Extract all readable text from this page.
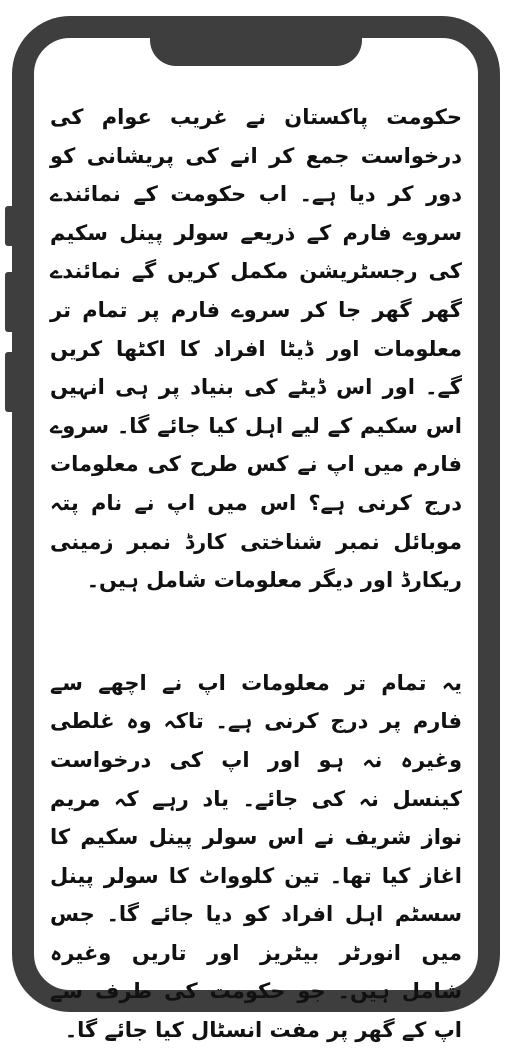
حکومت پاکستان نے غریب عوام کی درخواست جمع کر انے کی پریشانی کو دور کر دیا ہے۔ اب حکومت کے نمائندے سروے فارم کے ذریعے سولر پینل سکیم کی رجسٹریشن مکمل کریں گے نمائندے گھر گھر جا کر سروے فارم پر تمام تر معلومات اور ڈیٹا افراد کا اکٹھا کریں گے۔ اور اس ڈیٹے کی بنیاد پر ہی انہیں اس سکیم کے لیے اہل کیا جائے گا۔ سروے فارم میں اپ نے کس طرح کی معلومات درج کرنی ہے؟ اس میں اپ نے نام پتہ موبائل نمبر شناختی کارڈ نمبر زمینی ریکارڈ اور دیگر معلومات شامل ہیں۔

یہ تمام تر معلومات اپ نے اچھے سے فارم پر درج کرنی ہے۔ تاکہ وہ غلطی وغیرہ نہ ہو اور اپ کی درخواست کینسل نہ کی جائے۔ یاد رہے کہ مریم نواز شریف نے اس سولر پینل سکیم کا اغاز کیا تھا۔ تین کلوواٹ کا سولر پینل سسٹم اہل افراد کو دیا جائے گا۔ جس میں انورٹر بیٹریز اور تاریں وغیرہ شامل ہیں۔ جو حکومت کی طرف سے اپ کے گھر پر مفت انسٹال کیا جائے گا۔
